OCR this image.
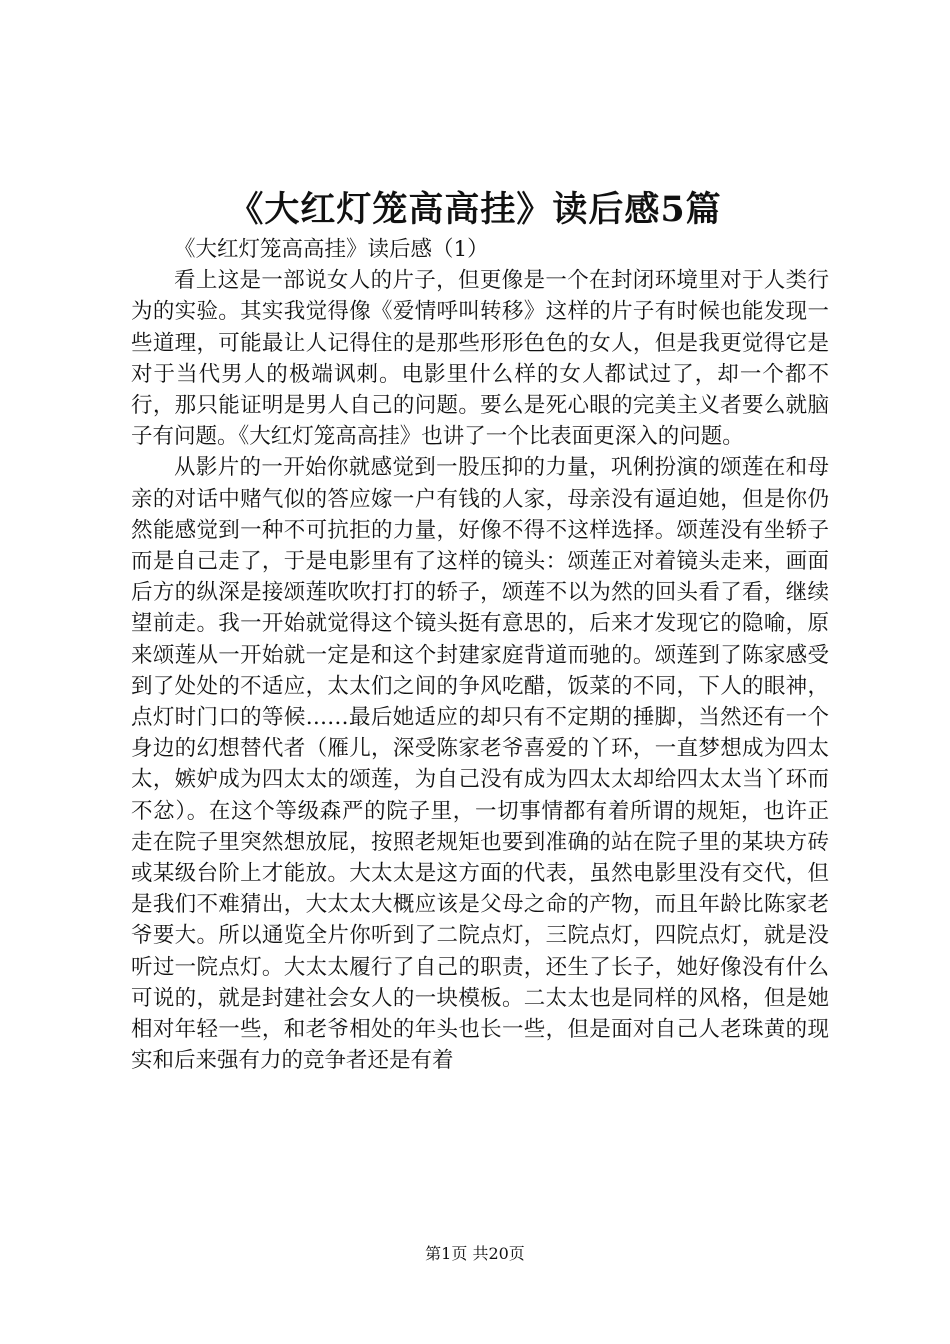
《大红灯笼高高挂》读后感5篇

《大红灯笼高高挂》读后感（1）

看上这是一部说女人的片子，但更像是一个在封闭环境里对于人类行为的实验。其实我觉得像《爱情呼叫转移》这样的片子有时候也能发现一些道理，可能最让人记得住的是那些形形色色的女人，但是我更觉得它是对于当代男人的极端讽刺。电影里什么样的女人都试过了，却一个都不行，那只能证明是男人自己的问题。要么是死心眼的完美主义者要么就脑子有问题。《大红灯笼高高挂》也讲了一个比表面更深入的问题。

从影片的一开始你就感觉到一股压抑的力量，巩俐扮演的颂莲在和母亲的对话中赌气似的答应嫁一户有钱的人家，母亲没有逼迫她，但是你仍然能感觉到一种不可抗拒的力量，好像不得不这样选择。颂莲没有坐轿子而是自己走了，于是电影里有了这样的镜头：颂莲正对着镜头走来，画面后方的纵深是接颂莲吹吹打打的轿子，颂莲不以为然的回头看了看，继续望前走。我一开始就觉得这个镜头挺有意思的，后来才发现它的隐喻，原来颂莲从一开始就一定是和这个封建家庭背道而驰的。颂莲到了陈家感受到了处处的不适应，太太们之间的争风吃醋，饭菜的不同，下人的眼神，点灯时门口的等候……最后她适应的却只有不定期的捶脚，当然还有一个身边的幻想替代者（雁儿，深受陈家老爷喜爱的丫环，一直梦想成为四太太，嫉妒成为四太太的颂莲，为自己没有成为四太太却给四太太当丫环而不忿）。在这个等级森严的院子里，一切事情都有着所谓的规矩，也许正走在院子里突然想放屁，按照老规矩也要到准确的站在院子里的某块方砖或某级台阶上才能放。大太太是这方面的代表，虽然电影里没有交代，但是我们不难猜出，大太太大概应该是父母之命的产物，而且年龄比陈家老爷要大。所以通览全片你听到了二院点灯，三院点灯，四院点灯，就是没听过一院点灯。大太太履行了自己的职责，还生了长子，她好像没有什么可说的，就是封建社会女人的一块模板。二太太也是同样的风格，但是她相对年轻一些，和老爷相处的年头也长一些，但是面对自己人老珠黄的现实和后来强有力的竞争者还是有着

第1页 共20页
